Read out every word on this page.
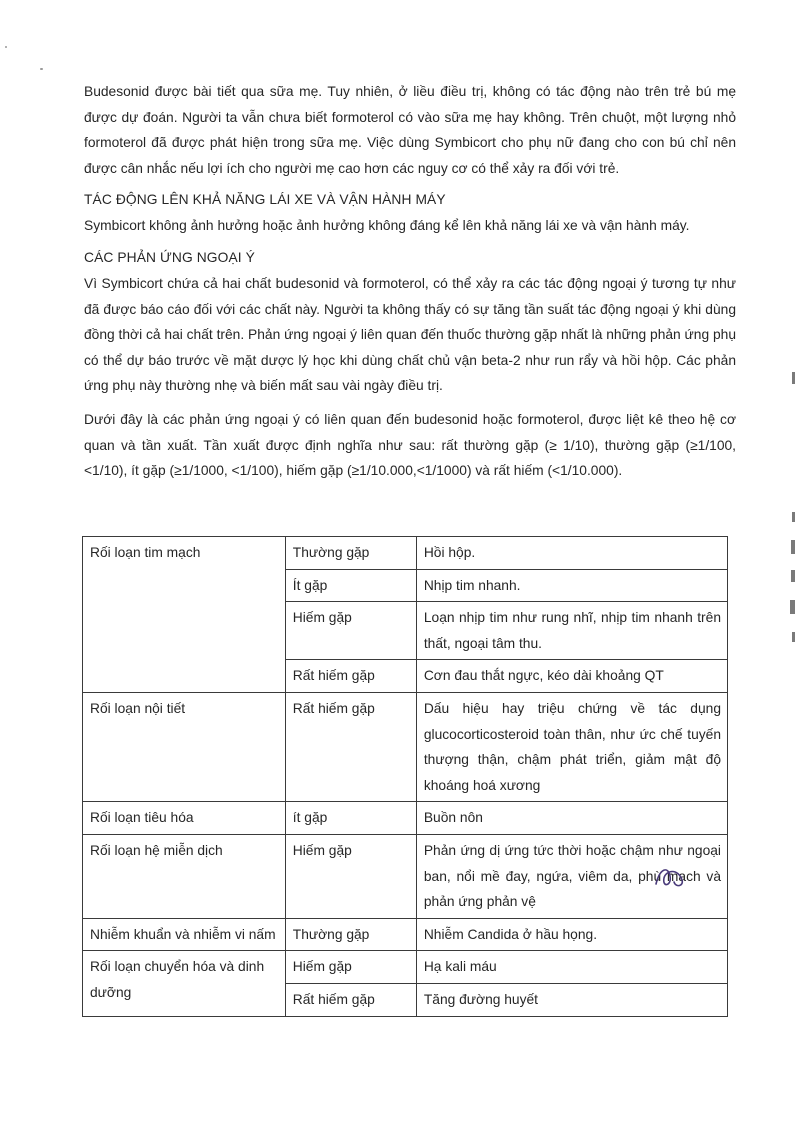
Budesonid được bài tiết qua sữa mẹ. Tuy nhiên, ở liều điều trị, không có tác động nào trên trẻ bú mẹ được dự đoán. Người ta vẫn chưa biết formoterol có vào sữa mẹ hay không. Trên chuột, một lượng nhỏ formoterol đã được phát hiện trong sữa mẹ. Việc dùng Symbicort cho phụ nữ đang cho con bú chỉ nên được cân nhắc nếu lợi ích cho người mẹ cao hơn các nguy cơ có thể xảy ra đối với trẻ.

TÁC ĐỘNG LÊN KHẢ NĂNG LÁI XE VÀ VẬN HÀNH MÁY

Symbicort không ảnh hưởng hoặc ảnh hưởng không đáng kể lên khả năng lái xe và vận hành máy.

CÁC PHẢN ỨNG NGOẠI Ý

Vì Symbicort chứa cả hai chất budesonid và formoterol, có thể xảy ra các tác động ngoại ý tương tự như đã được báo cáo đối với các chất này. Người ta không thấy có sự tăng tần suất tác động ngoại ý khi dùng đồng thời cả hai chất trên. Phản ứng ngoại ý liên quan đến thuốc thường gặp nhất là những phản ứng phụ có thể dự báo trước về mặt dược lý học khi dùng chất chủ vận beta-2 như run rẩy và hồi hộp. Các phản ứng phụ này thường nhẹ và biến mất sau vài ngày điều trị.

Dưới đây là các phản ứng ngoại ý có liên quan đến budesonid hoặc formoterol, được liệt kê theo hệ cơ quan và tần xuất. Tần xuất được định nghĩa như sau: rất thường gặp (≥ 1/10), thường gặp (≥1/100, <1/10), ít gặp (≥1/1000, <1/100), hiếm gặp (≥1/10.000,<1/1000) và rất hiếm (<1/10.000).

Rối loạn tim mạch	Thường gặp	Hồi hộp.
	Ít gặp	Nhịp tim nhanh.
	Hiếm gặp	Loạn nhịp tim như rung nhĩ, nhịp tim nhanh trên thất, ngoại tâm thu.
	Rất hiếm gặp	Cơn đau thắt ngực, kéo dài khoảng QT
Rối loạn nội tiết	Rất hiếm gặp	Dấu hiệu hay triệu chứng về tác dụng glucocorticosteroid toàn thân, như ức chế tuyến thượng thận, chậm phát triển, giảm mật độ khoáng hoá xương
Rối loạn tiêu hóa	ít gặp	Buồn nôn
Rối loạn hệ miễn dịch	Hiếm gặp	Phản ứng dị ứng tức thời hoặc chậm như ngoại ban, nổi mề đay, ngứa, viêm da, phù mạch và phản ứng phản vệ
Nhiễm khuẩn và nhiễm vi nấm	Thường gặp	Nhiễm Candida ở hầu họng.
Rối loạn chuyển hóa và dinh dưỡng	Hiếm gặp	Hạ kali máu
	Rất hiếm gặp	Tăng đường huyết
